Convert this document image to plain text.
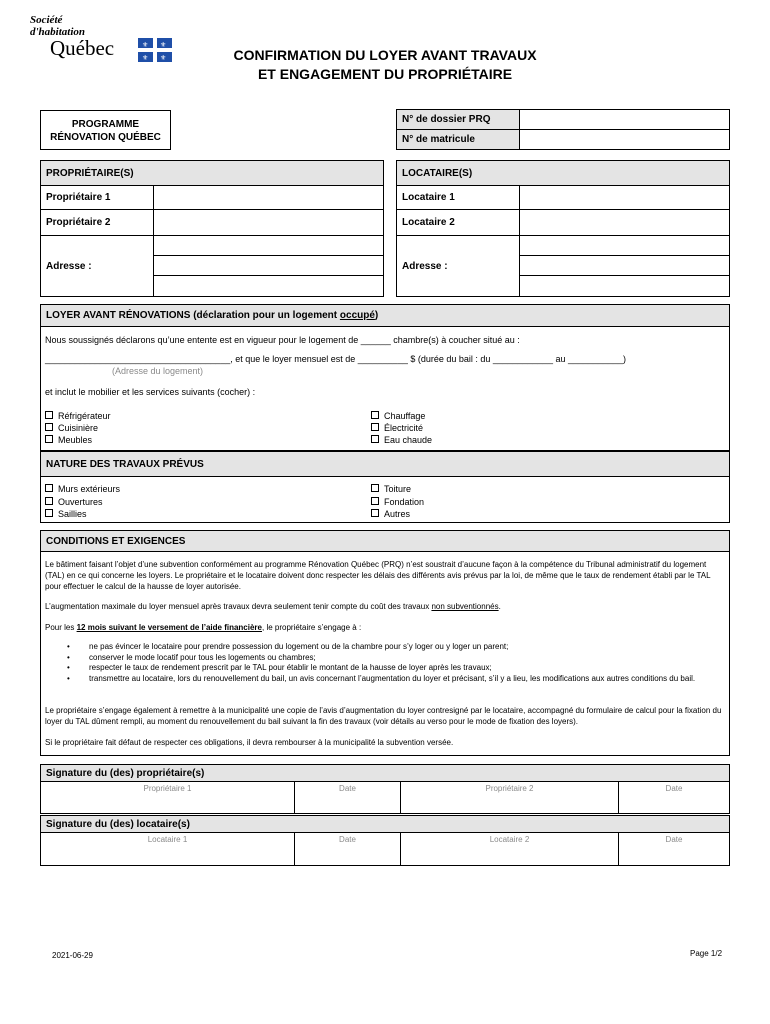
Société
d'habitation
Québec	⚜ ⚜
⚜ ⚜	CONFIRMATION DU LOYER AVANT TRAVAUX
ET ENGAGEMENT DU PROPRIÉTAIRE
PROGRAMME
RÉNOVATION QUÉBEC
N° de dossier PRQ
N° de matricule
PROPRIÉTAIRE(S)
Propriétaire 1
Propriétaire 2
Adresse :
LOCATAIRE(S)
Locataire 1
Locataire 2
Adresse :
LOYER AVANT RÉNOVATIONS (déclaration pour un logement occupé )
Nous soussignés déclarons qu’une entente est en vigueur pour le logement de ______ chambre(s) à coucher situé au :
_____________________________________, et que le loyer mensuel est de __________ $ (durée du bail : du ____________ au ___________)
(Adresse du logement)
et inclut le mobilier et les services suivants (cocher) :
Réfrigérateur
Cuisinière
Meubles
Chauffage
Électricité
Eau chaude
NATURE DES TRAVAUX PRÉVUS
Murs extérieurs
Ouvertures
Saillies
Toiture
Fondation
Autres
CONDITIONS ET EXIGENCES
Le bâtiment faisant l’objet d’une subvention conformément au programme Rénovation Québec (PRQ) n’est soustrait d’aucune façon à la compétence du Tribunal administratif du logement (TAL) en ce qui concerne les loyers. Le propriétaire et le locataire doivent donc respecter les délais des différents avis prévus par la loi, de même que le taux de rendement établi par le TAL pour effectuer le calcul de la hausse de loyer autorisée.
L’augmentation maximale du loyer mensuel après travaux devra seulement tenir compte du coût des travaux non subventionnés.
Pour les 12 mois suivant le versement de l’aide financière, le propriétaire s’engage à :
• ne pas évincer le locataire pour prendre possession du logement ou de la chambre pour s’y loger ou y loger un parent;
• conserver le mode locatif pour tous les logements ou chambres;
• respecter le taux de rendement prescrit par le TAL pour établir le montant de la hausse de loyer après les travaux;
• transmettre au locataire, lors du renouvellement du bail, un avis concernant l’augmentation du loyer et précisant, s’il y a lieu, les modifications aux autres conditions du bail.
Le propriétaire s’engage également à remettre à la municipalité une copie de l’avis d’augmentation du loyer contresigné par le locataire, accompagné du formulaire de calcul pour la fixation du loyer du TAL dûment rempli, au moment du renouvellement du bail suivant la fin des travaux (voir détails au verso pour le mode de fixation des loyers).
Si le propriétaire fait défaut de respecter ces obligations, il devra rembourser à la municipalité la subvention versée.
Signature du (des) propriétaire(s)
Propriétaire 1	Date	Propriétaire 2	Date
Signature du (des) locataire(s)
Locataire 1	Date	Locataire 2	Date
2021-06-29	Page 1/2
